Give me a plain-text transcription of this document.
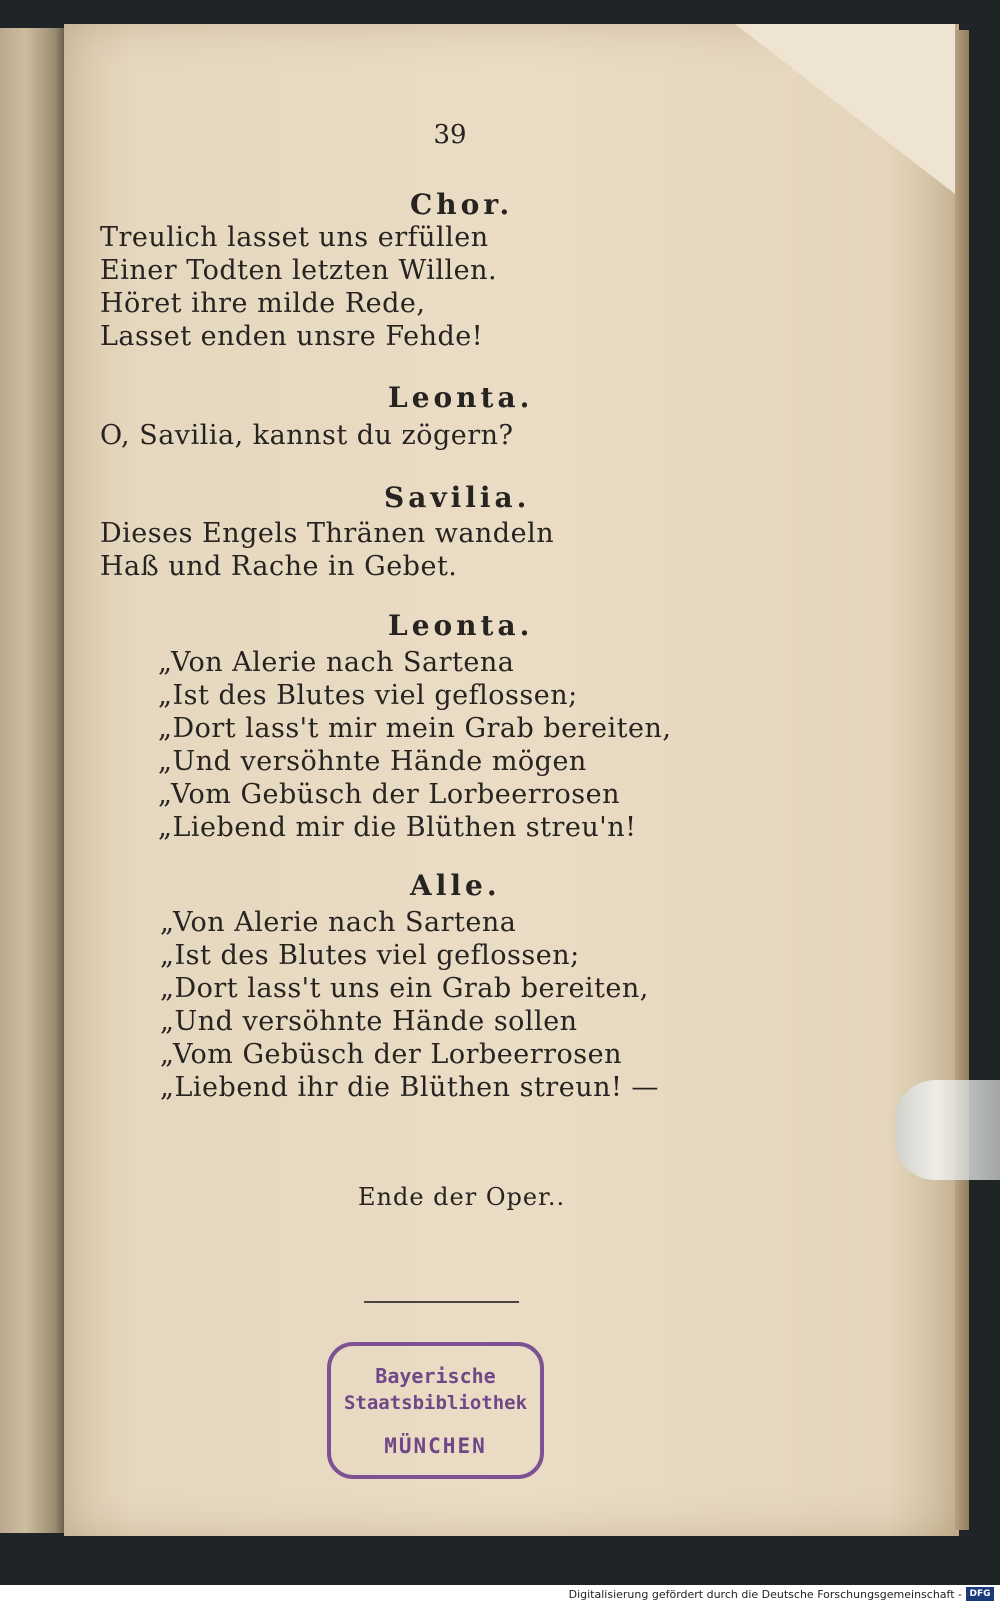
39
Chor.
Treulich lasset uns erfüllen
Einer Todten letzten Willen.
Höret ihre milde Rede,
Lasset enden unsre Fehde!
Leonta.
O, Savilia, kannst du zögern?
Savilia.
Dieses Engels Thränen wandeln
Haß und Rache in Gebet.
Leonta.
„Von Alerie nach Sartena
„Ist des Blutes viel geflossen;
„Dort lass't mir mein Grab bereiten,
„Und versöhnte Hände mögen
„Vom Gebüsch der Lorbeerrosen
„Liebend mir die Blüthen streu'n!
Alle.
„Von Alerie nach Sartena
„Ist des Blutes viel geflossen;
„Dort lass't uns ein Grab bereiten,
„Und versöhnte Hände sollen
„Vom Gebüsch der Lorbeerrosen
„Liebend ihr die Blüthen streun! —
Ende der Oper..
Bayerische
Staatsbibliothek
MÜNCHEN
Digitalisierung gefördert durch die Deutsche Forschungsgemeinschaft - DFG
